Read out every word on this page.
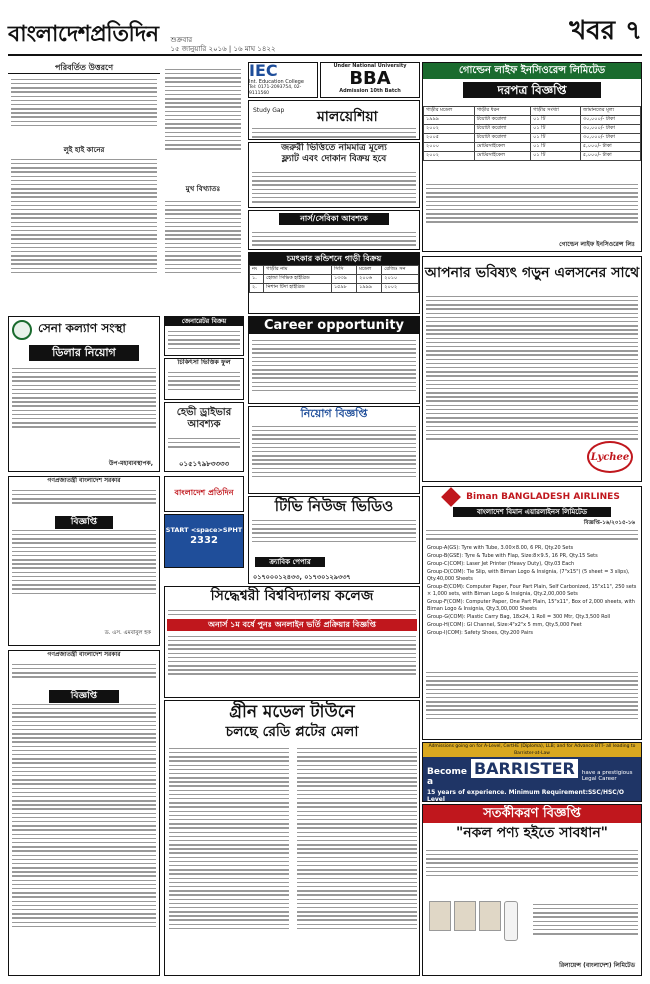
বাংলাদেশপ্রতিদিন শুক্রবার
১৫ জানুয়ারি ২০১৬ | ১৬ মাঘ ১৪২২
খবর ৭
পরিবর্তিত উত্তরণে
লুই হাই কানের
মুখ বিখ্যাতঃ
সেনা কল্যাণ সংস্থা
ডিলার নিয়োগ
উপ-মহাব্যবস্থাপক,
গণপ্রজাতন্ত্রী বাংলাদেশ সরকার
বিজ্ঞপ্তি
ড. এস. এমবাবুল হক
গণপ্রজাতন্ত্রী বাংলাদেশ সরকার
বিজ্ঞপ্তি
জেনারেটর বিক্রয়
চিকিৎসা ভিত্তিক ফুল
হেভী ড্রাইভার আবশ্যক
০১৫১৭৯৮৩৩৩৩
বাংলাদেশ প্রতিদিন
START <space>SPHT
2332
IEC
Int. Education College
Tel: 0171-2093754, 02-9111560
Under National University
BBA
Admission 10th Batch
Study Gap মালয়েশিয়া
জরুরী ভিত্তিতে নামমাত্র মূল্যে
ফ্ল্যাট এবং দোকান বিক্রয় হবে
নার্স/সেবিকা আবশ্যক
চমৎকার কন্ডিশনে গাড়ী বিক্রয়
নং	গাড়ীর নাম	সিসি	মডেল	রেজিঃ সন
১.	হোন্ডা সিভিক হাইব্রিড	১৩৩৯	২০০৬	২০১০
২.	নিশান টিদা হাইব্রিড	১৫৯৮	১৯৯৯	২০০২
Career opportunity
নিয়োগ বিজ্ঞপ্তি
টিভি নিউজ ভিডিও
ক্র্যাবিক পেপার
০১৭০০০১২৪৩৩, ০১৭৩০১২৯৩৩৭
সিদ্ধেশ্বরী বিশ্ববিদ্যালয় কলেজ
অনার্স ১ম বর্ষে পুনঃ অনলাইন ভর্তি প্রক্রিয়ার বিজ্ঞপ্তি
গ্রীন মডেল টাউনে
চলছে রেডি প্লটের মেলা
গোল্ডেন লাইফ ইনসিওরেন্স লিমিটেড
দরপত্র বিজ্ঞপ্তি
গাড়ীর মডেল	গাড়ীর ধরন	গাড়ীর সংখ্যা	জামানতের মূল্য
১৯৯৯	টয়োটা করোলা	০১ টি	৩০,০০০/- টাকা
২০০২	টয়োটা করোলা	০১ টি	৩০,০০০/- টাকা
২০০৫	টয়োটা করোলা	০১ টি	৩০,০০০/- টাকা
২০০০	মোটরসাইকেল	০১ টি	৫,০০০/- টাকা
২০০২	মোটরসাইকেল	০১ টি	৫,০০০/- টাকা
গোল্ডেন লাইফ ইনসিওরেন্স লিঃ
আপনার ভবিষ্যৎ গড়ুন এলসনের সাথে
Lychee
Biman BANGLADESH AIRLINES
বাংলাদেশ বিমান এয়ারলাইনস লিমিটেড
বিজ্ঞপ্তি-১৬/২০১৫-১৬
Group-A(GS): Tyre with Tube, 3.00×8.00, 6 PR, Qty.20 Sets
Group-B(GSE): Tyre & Tube with Flap, Size:8×9.5, 16 PR, Qty.15 Sets
Group-C(COM): Laser Jet Printer (Heavy Duty), Qty.03 Each
Group-D(COM): Tie Slip, with Biman Logo & Insignia, (7"x15") (5 sheet = 3 slips), Qty.40,000 Sheets
Group-E(COM): Computer Paper, Four Part Plain, Self Carbonized, 15"x11", 250 sets × 1,000 sets, with Biman Logo & Insignia, Qty.2,00,000 Sets
Group-F(COM): Computer Paper, One Part Plain, 15"x11", Box of 2,000 sheets, with Biman Logo & Insignia, Qty.3,00,000 Sheets
Group-G(COM): Plastic Carry Bag, 18x24, 1 Roll = 300 Mtr, Qty.3,500 Roll
Group-H(COM): Gl Channel, Size:4"x2"x 5 mm, Qty.5,000 Feet
Group-I(COM): Safety Shoes, Qty.200 Pairs
Admissions going on for A-Level, CertHE (Diploma), LLB; and for Advance BTT- all leading to Barrister-at-Law
Become a
BARRISTER	have a prestigious Legal Career
15 years of experience. Minimum Requirement:SSC/HSC/O Level
সতর্কীকরণ বিজ্ঞপ্তি
"নকল পণ্য হইতে সাবধান"
রিলায়েন্স (বাংলাদেশ) লিমিটেড
